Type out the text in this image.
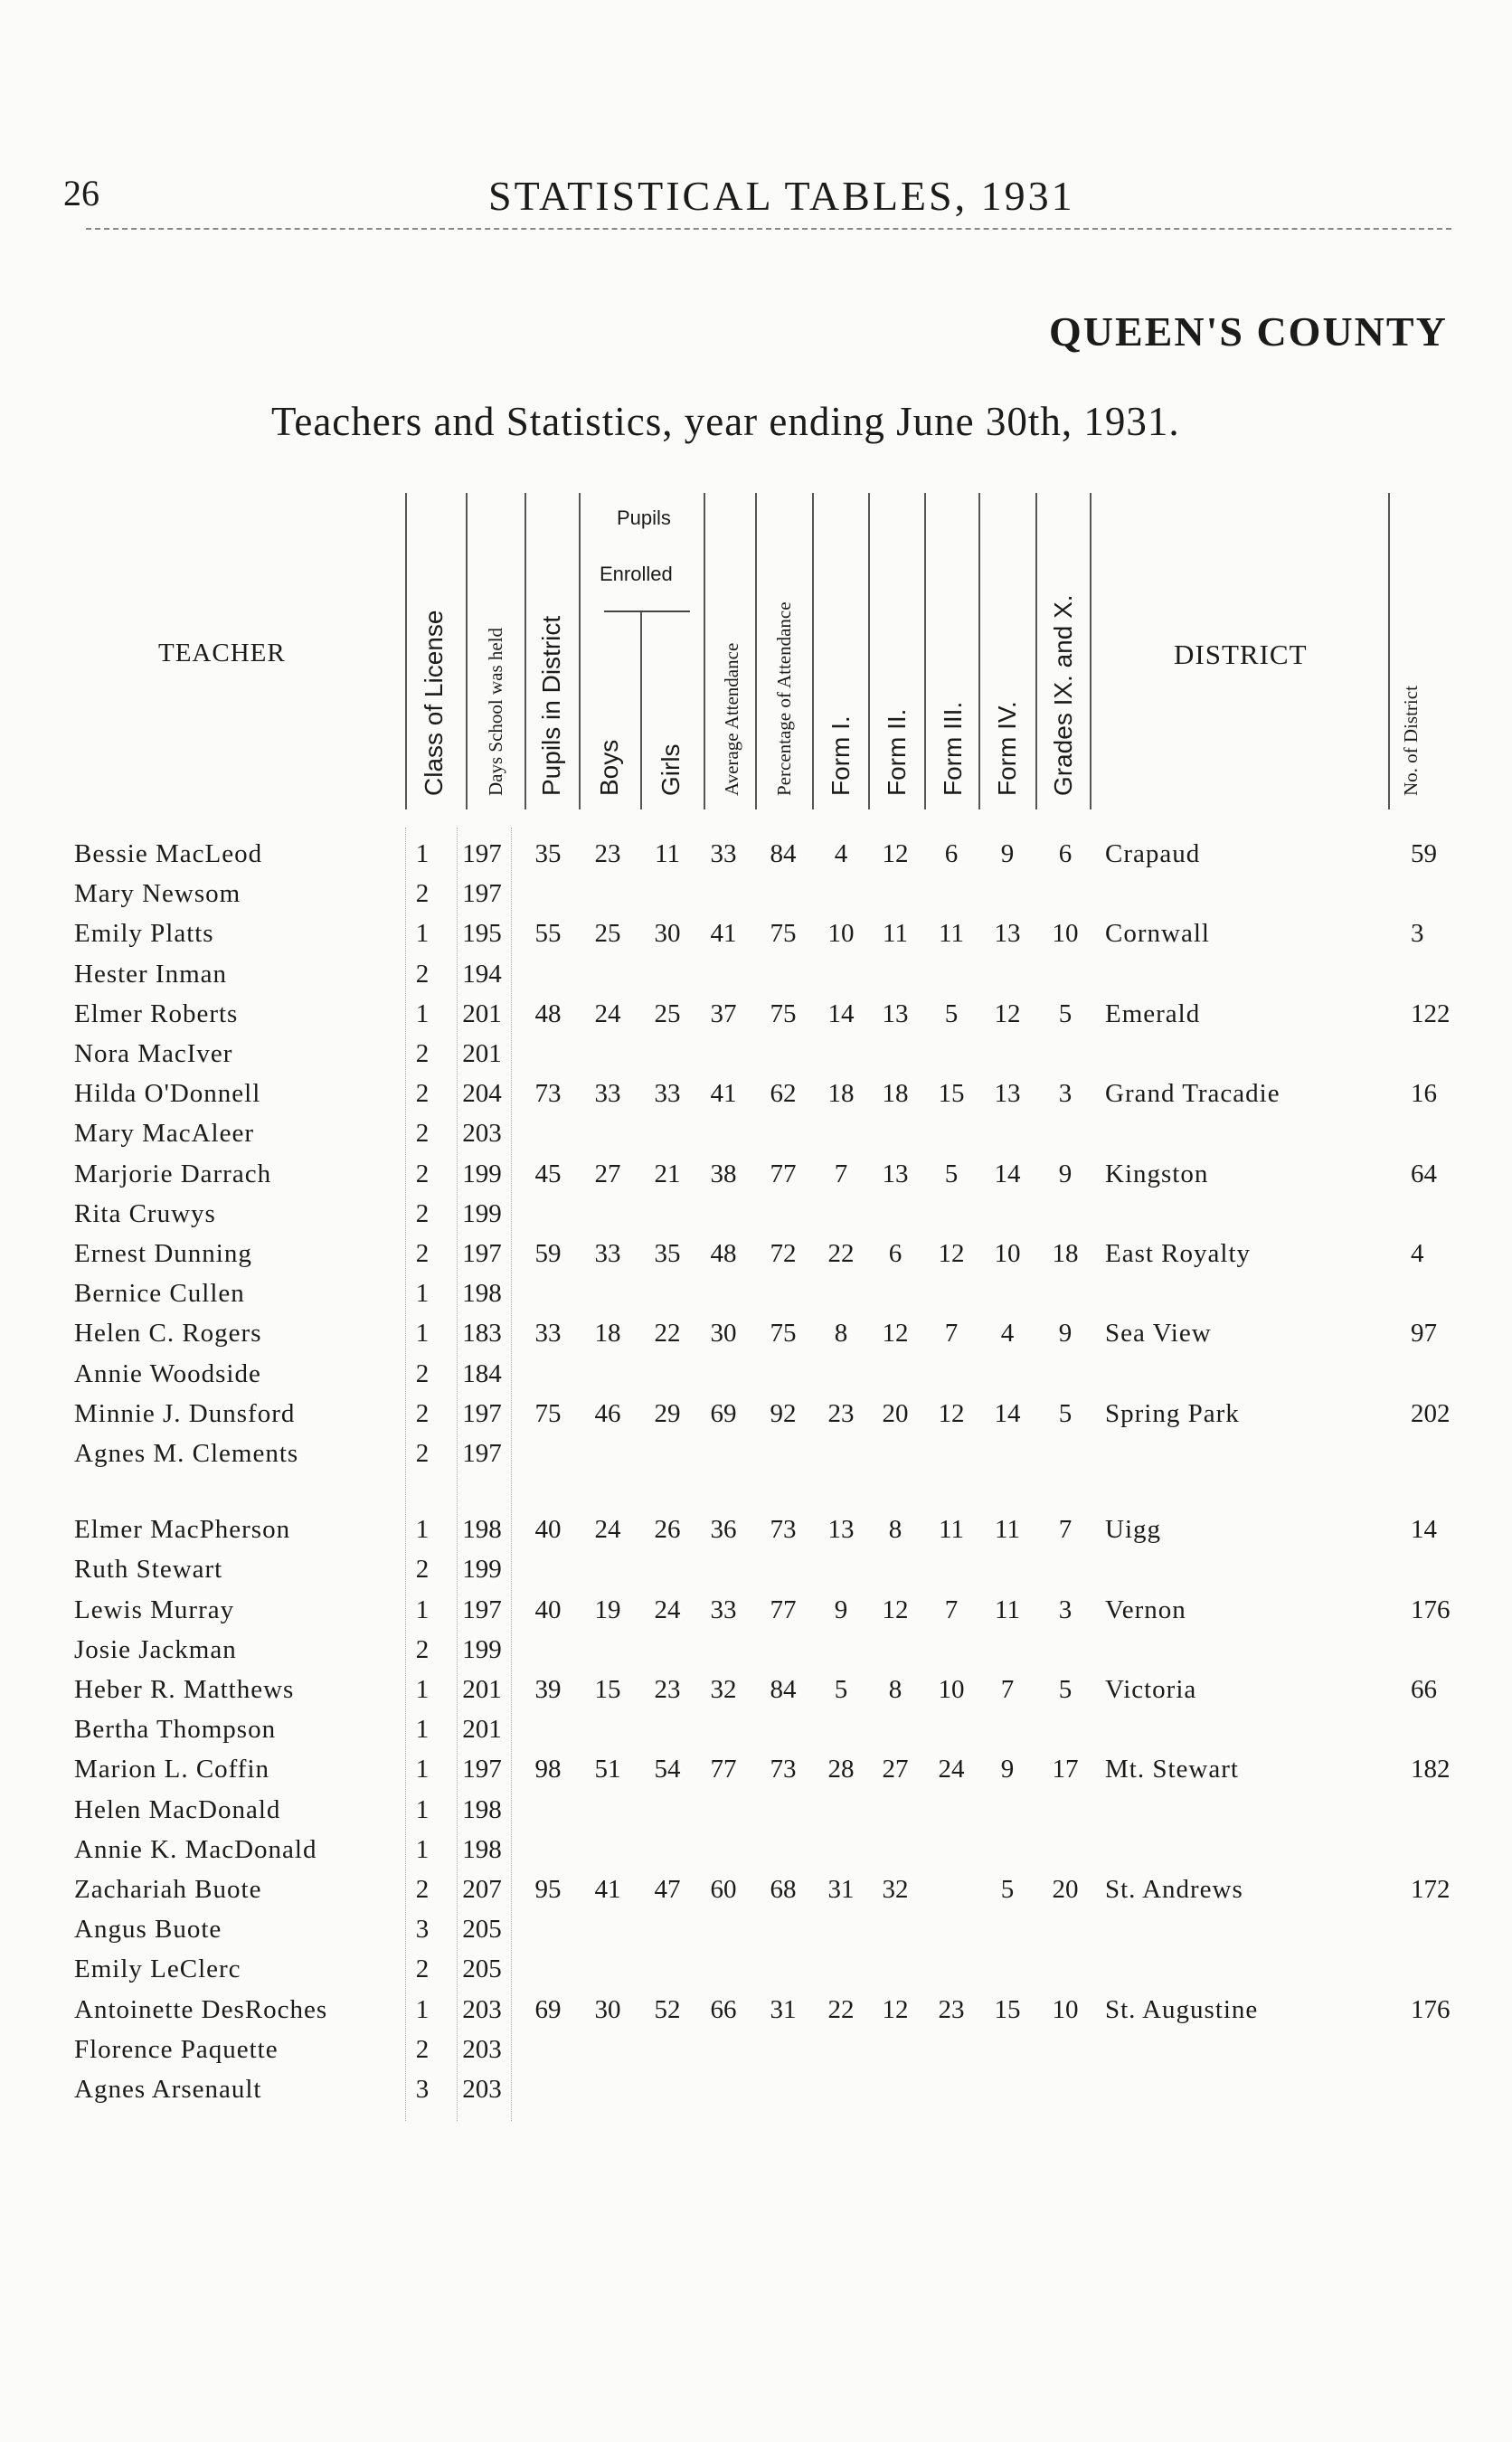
26	STATISTICAL TABLES, 1931
QUEEN'S COUNTY
Teachers and Statistics, year ending June 30th, 1931.
TEACHER
Pupils
Enrolled
Class of License Days School was held Pupils in District Boys Girls Average Attendance Percentage of Attendance Form I. Form II. Form III. Form IV. Grades IX. and X.	DISTRICT
No. of District
Bessie MacLeod	1 197 35 23 11 33 84 4 12 6 9 6 Crapaud	59
Mary Newsom	2 197
Emily Platts	1 195 55 25 30 41 75 10 11 11 13 10 Cornwall	3
Hester Inman	2 194
Elmer Roberts	1 201 48 24 25 37 75 14 13 5 12 5 Emerald	122
Nora MacIver	2 201
Hilda O'Donnell	2 204 73 33 33 41 62 18 18 15 13 3 Grand Tracadie	16
Mary MacAleer	2 203
Marjorie Darrach	2 199 45 27 21 38 77 7 13 5 14 9 Kingston	64
Rita Cruwys	2 199
Ernest Dunning	2 197 59 33 35 48 72 22 6 12 10 18 East Royalty	4
Bernice Cullen	1 198
Helen C. Rogers	1 183 33 18 22 30 75 8 12 7 4 9 Sea View	97
Annie Woodside	2 184
Minnie J. Dunsford	2 197 75 46 29 69 92 23 20 12 14 5 Spring Park	202
Agnes M. Clements	2 197
Elmer MacPherson	1 198 40 24 26 36 73 13 8 11 11 7 Uigg	14
Ruth Stewart	2 199
Lewis Murray	1 197 40 19 24 33 77 9 12 7 11 3 Vernon	176
Josie Jackman	2 199
Heber R. Matthews	1 201 39 15 23 32 84 5 8 10 7 5 Victoria	66
Bertha Thompson	1 201
Marion L. Coffin	1 197 98 51 54 77 73 28 27 24 9 17 Mt. Stewart	182
Helen MacDonald	1 198
Annie K. MacDonald	1 198
Zachariah Buote	2 207 95 41 47 60 68 31 32	5 20 St. Andrews	172
Angus Buote	3 205
Emily LeClerc	2 205
Antoinette DesRoches	1 203 69 30 52 66 31 22 12 23 15 10 St. Augustine	176
Florence Paquette	2 203
Agnes Arsenault	3 203
